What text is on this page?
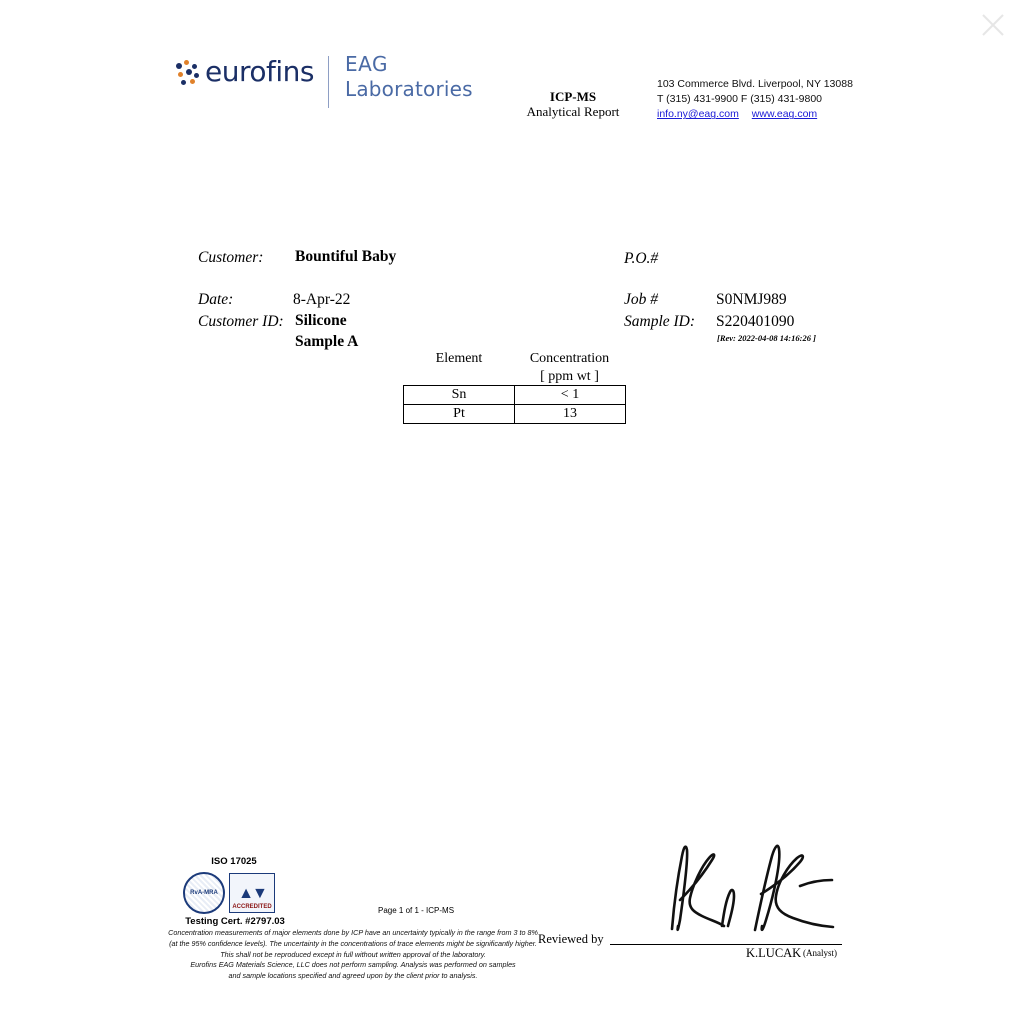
eurofins EAG
Laboratories	ICP-MS
Analytical Report
103 Commerce Blvd. Liverpool, NY 13088
T (315) 431-9900 F (315) 431-9800
info.ny@eag.com www.eag.com
Customer: Bountiful Baby	P.O.#
Date:	8-Apr-22	Job #	S0NMJ989
Customer ID: Silicone
Sample A
Sample ID: S220401090
[Rev: 2022-04-08 14:16:26 ]
Element	Concentration
[ ppm wt ]
Sn	< 1
Pt	13
ISO 17025
RvA-MRA	▲▼
ACCREDITED
Testing Cert. #2797.03
Page 1 of 1 - ICP-MS
Concentration measurements of major elements done by ICP have an uncertainty typically in the range from 3 to 8%
(at the 95% confidence levels). The uncertainty in the concentrations of trace elements might be significantly higher.
This shall not be reproduced except in full without written approval of the laboratory.
Eurofins EAG Materials Science, LLC does not perform sampling. Analysis was performed on samples
and sample locations specified and agreed upon by the client prior to analysis.
Reviewed by
K.LUCAK (Analyst)
